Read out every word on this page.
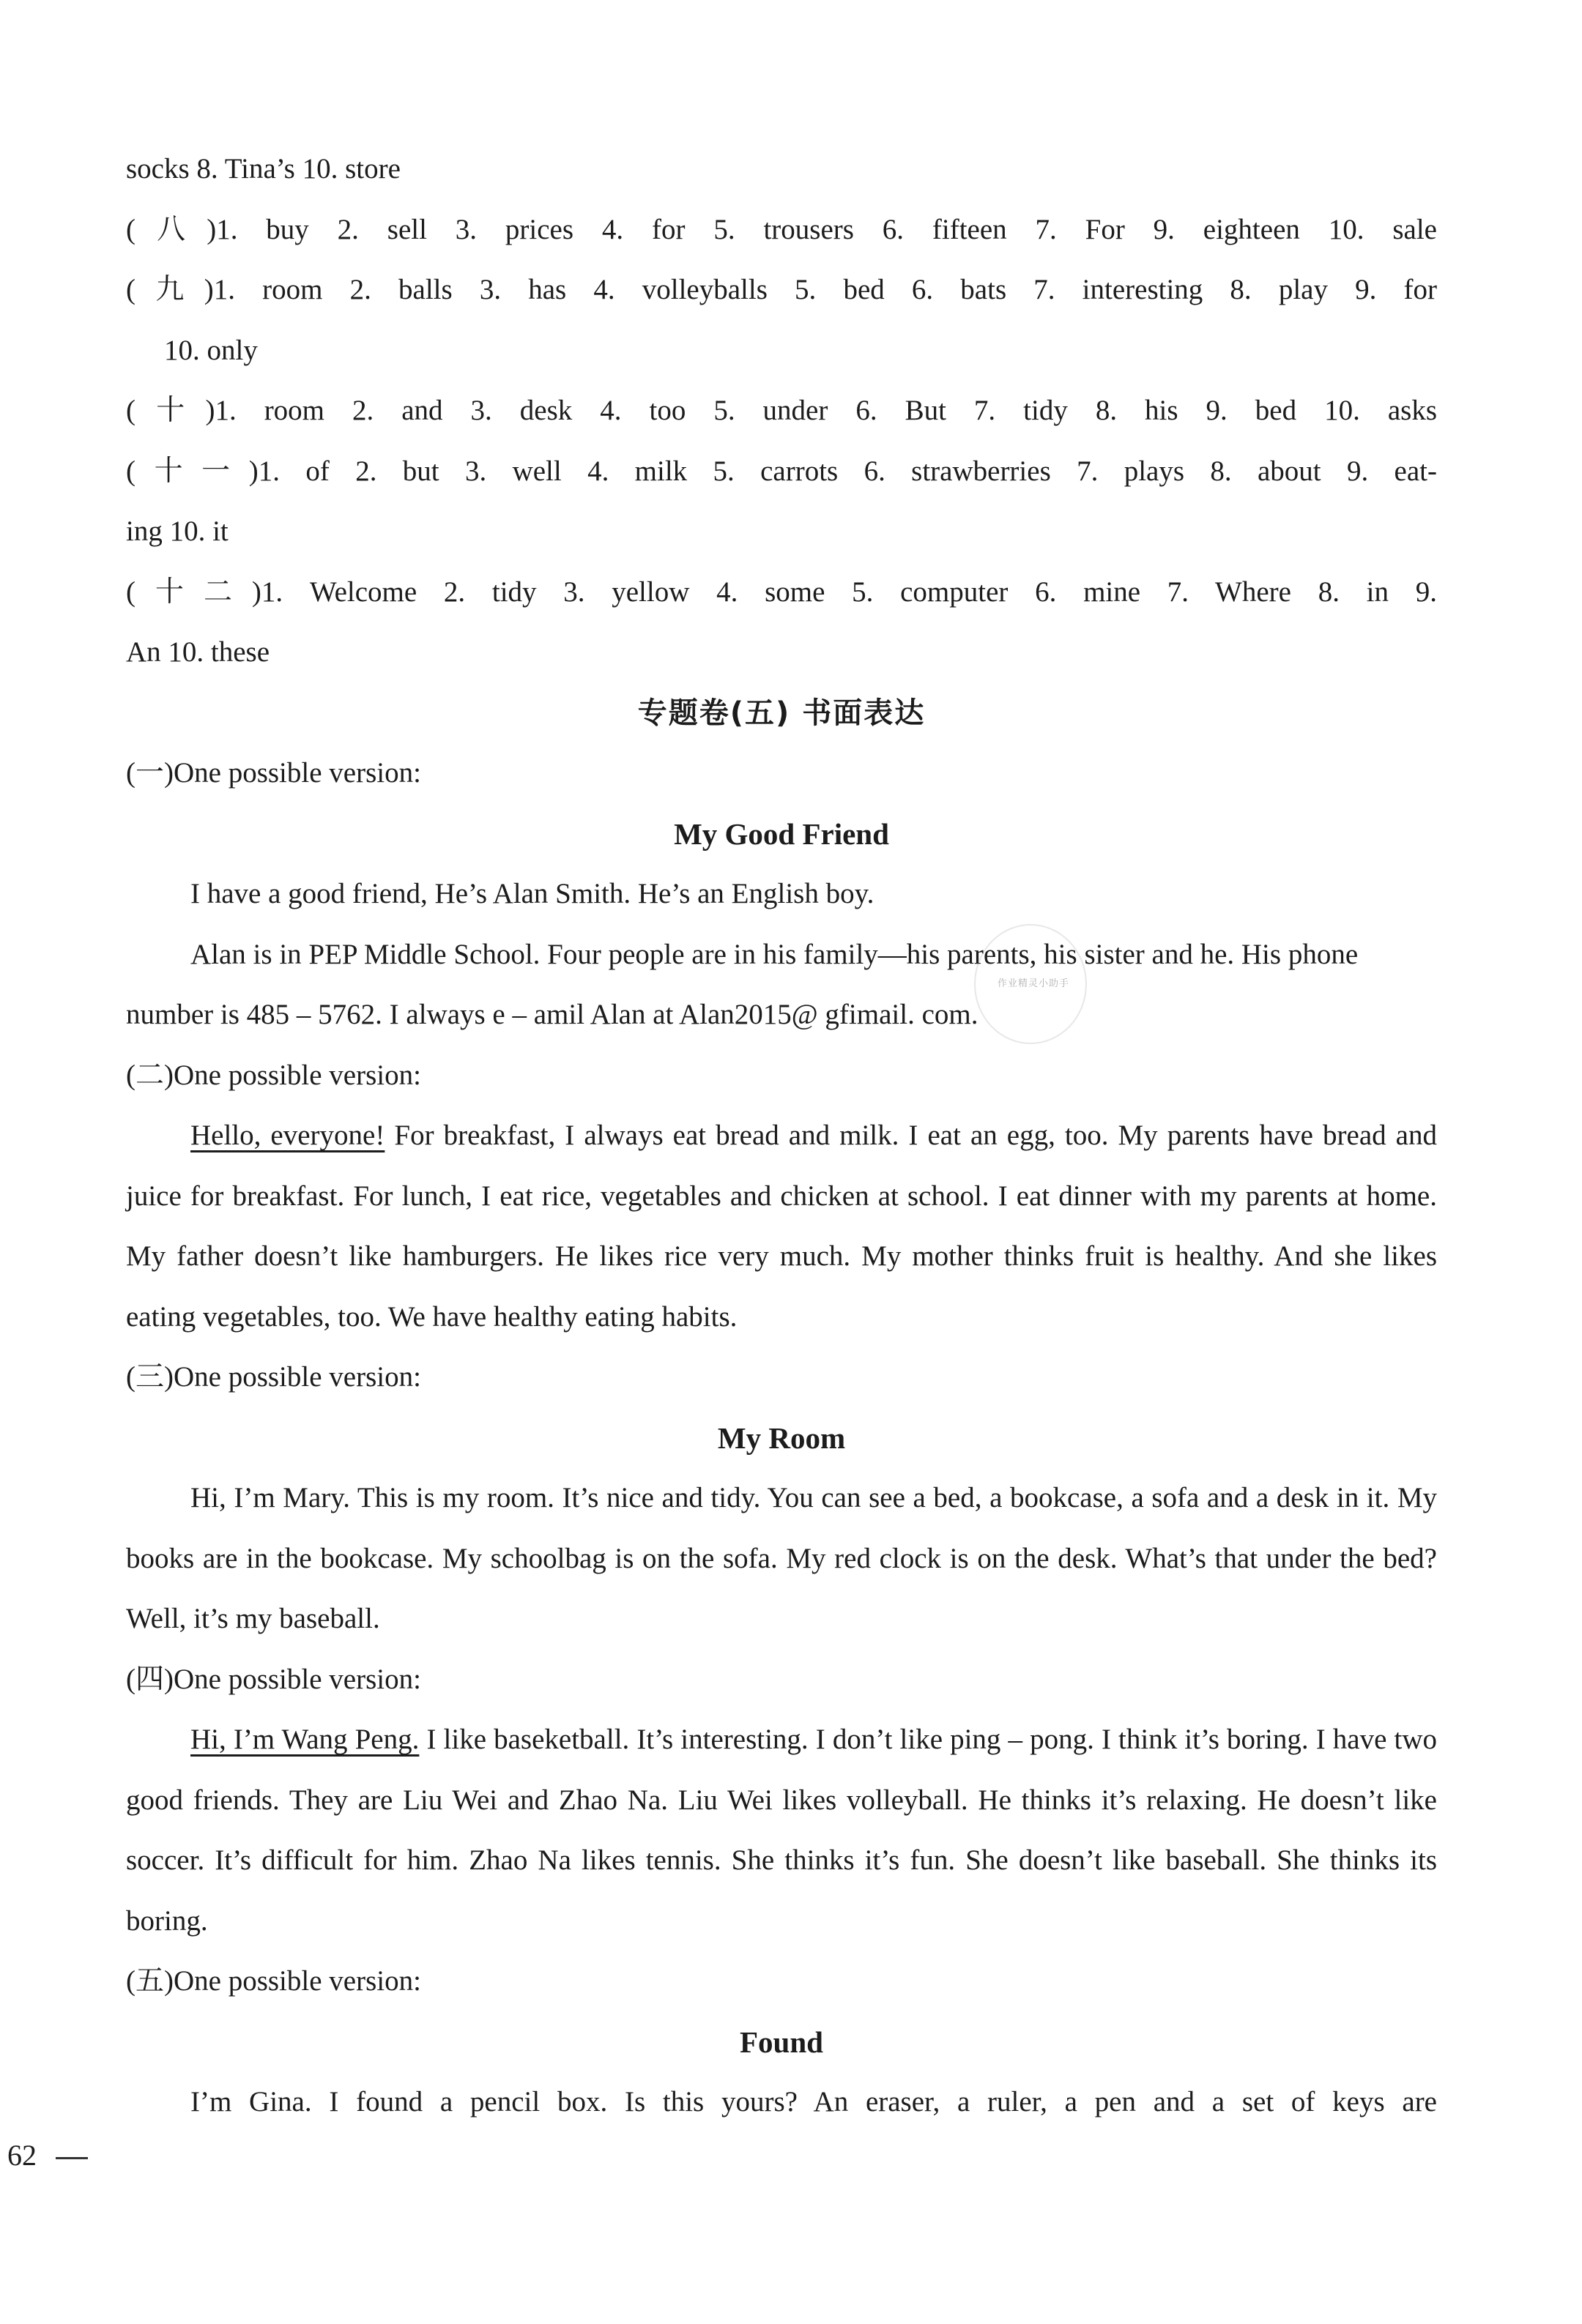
socks 8. Tina’s 10. store
(八)1. buy 2. sell 3. prices 4. for 5. trousers 6. fifteen 7. For 9. eighteen 10. sale
(九)1. room 2. balls 3. has 4. volleyballs 5. bed 6. bats 7. interesting 8. play 9. for
10. only
(十)1. room 2. and 3. desk 4. too 5. under 6. But 7. tidy 8. his 9. bed 10. asks
(十一)1. of 2. but 3. well 4. milk 5. carrots 6. strawberries 7. plays 8. about 9. eat-
ing 10. it
(十二)1. Welcome 2. tidy 3. yellow 4. some 5. computer 6. mine 7. Where 8. in 9.
An 10. these
专题卷(五) 书面表达
(一)One possible version:
My Good Friend
I have a good friend, He’s Alan Smith. He’s an English boy.
Alan is in PEP Middle School. Four people are in his family—his parents, his sister and he. His phone number is 485 – 5762. I always e – amil Alan at Alan2015@ gfimail. com.
(二)One possible version:
Hello, everyone! For breakfast, I always eat bread and milk. I eat an egg, too. My parents have bread and juice for breakfast. For lunch, I eat rice, vegetables and chicken at school. I eat dinner with my parents at home. My father doesn’t like hamburgers. He likes rice very much. My mother thinks fruit is healthy. And she likes eating vegetables, too. We have healthy eating habits.
(三)One possible version:
My Room
Hi, I’m Mary. This is my room. It’s nice and tidy. You can see a bed, a bookcase, a sofa and a desk in it. My books are in the bookcase. My schoolbag is on the sofa. My red clock is on the desk. What’s that under the bed? Well, it’s my baseball.
(四)One possible version:
Hi, I’m Wang Peng. I like baseketball. It’s interesting. I don’t like ping – pong. I think it’s boring. I have two good friends. They are Liu Wei and Zhao Na. Liu Wei likes volleyball. He thinks it’s relaxing. He doesn’t like soccer. It’s difficult for him. Zhao Na likes tennis. She thinks it’s fun. She doesn’t like baseball. She thinks its boring.
(五)One possible version:
Found
I’m Gina. I found a pencil box. Is this yours? An eraser, a ruler, a pen and a set of keys are
作业精灵小助手
62
